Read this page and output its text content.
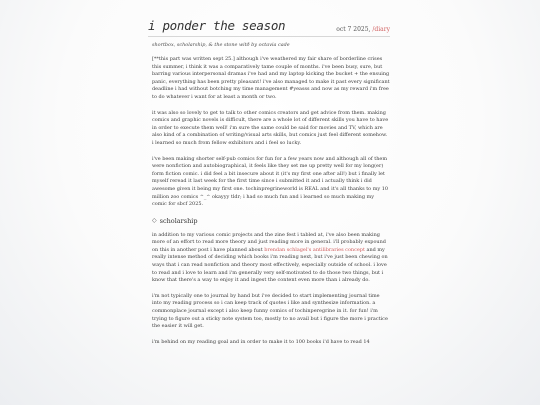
i ponder the season	oct 7 2025, /diary
shortbox, scholarship, & the stone witð by octavia cade

[**this part was written sept 25.] although i've weathered my fair share of borderline crises this summer, i think it was a comparatively tame couple of months. i've been busy, sure, but barring various interpersonal dramas i've had and my laptop kicking the bucket + the ensuing panic, everything has been pretty pleasant! i've also managed to make it past every significant deadline i had without botching my time management #yeasss and now as my reward i'm free to do whatever i want for at least a month or two.

it was also so lovely to get to talk to other comics creators and get advice from them. making comics and graphic novels is difficult, there are a whole lot of different skills you have to have in order to execute them well! i'm sure the same could be said for movies and TV, which are also kind of a combination of writing/visual arts skills, but comics just feel different somehow. i learned so much from fellow exhibitors and i feel so lucky.

i've been making shorter self-pub comics for fun for a few years now and although all of them were nonfiction and autobiographical, it feels like they set me up pretty well for my long(er) form fiction comic. i did feel a bit insecure about it (it's my first one after all!) but i finally let myself reread it last week for the first time since i submitted it and i actually think i did awesome given it being my first one. tochinpregrineworld is REAL and it's all thanks to my 10 million zoo comics ^_^ okayyy tldr; i had so much fun and i learned so much making my comic for sbcf 2025.

◇ scholarship

in addition to my various comic projects and the zine fest i tabled at, i've also been making more of an effort to read more theory and just reading more in general. i'll probably expound on this in another post i have planned about brendan schlagel's antilibraries concept and my really intense method of deciding which books i'm reading next, but i've just been chewing on ways that i can read nonfiction and theory most effectively, especially outside of school. i love to read and i love to learn and i'm generally very self-motivated to do those two things, but i know that there's a way to enjoy it and ingest the content even more than i already do.

i'm not typically one to journal by hand but i've decided to start implementing journal time into my reading process so i can keep track of quotes i like and synthesize information. a commonplace journal except i also keep funny comics of tochinperegrine in it. for fun! i'm trying to figure out a sticky note system too, mostly to no avail but i figure the more i practice the easier it will get.

i'm behind on my reading goal and in order to make it to 100 books i'd have to read 14
